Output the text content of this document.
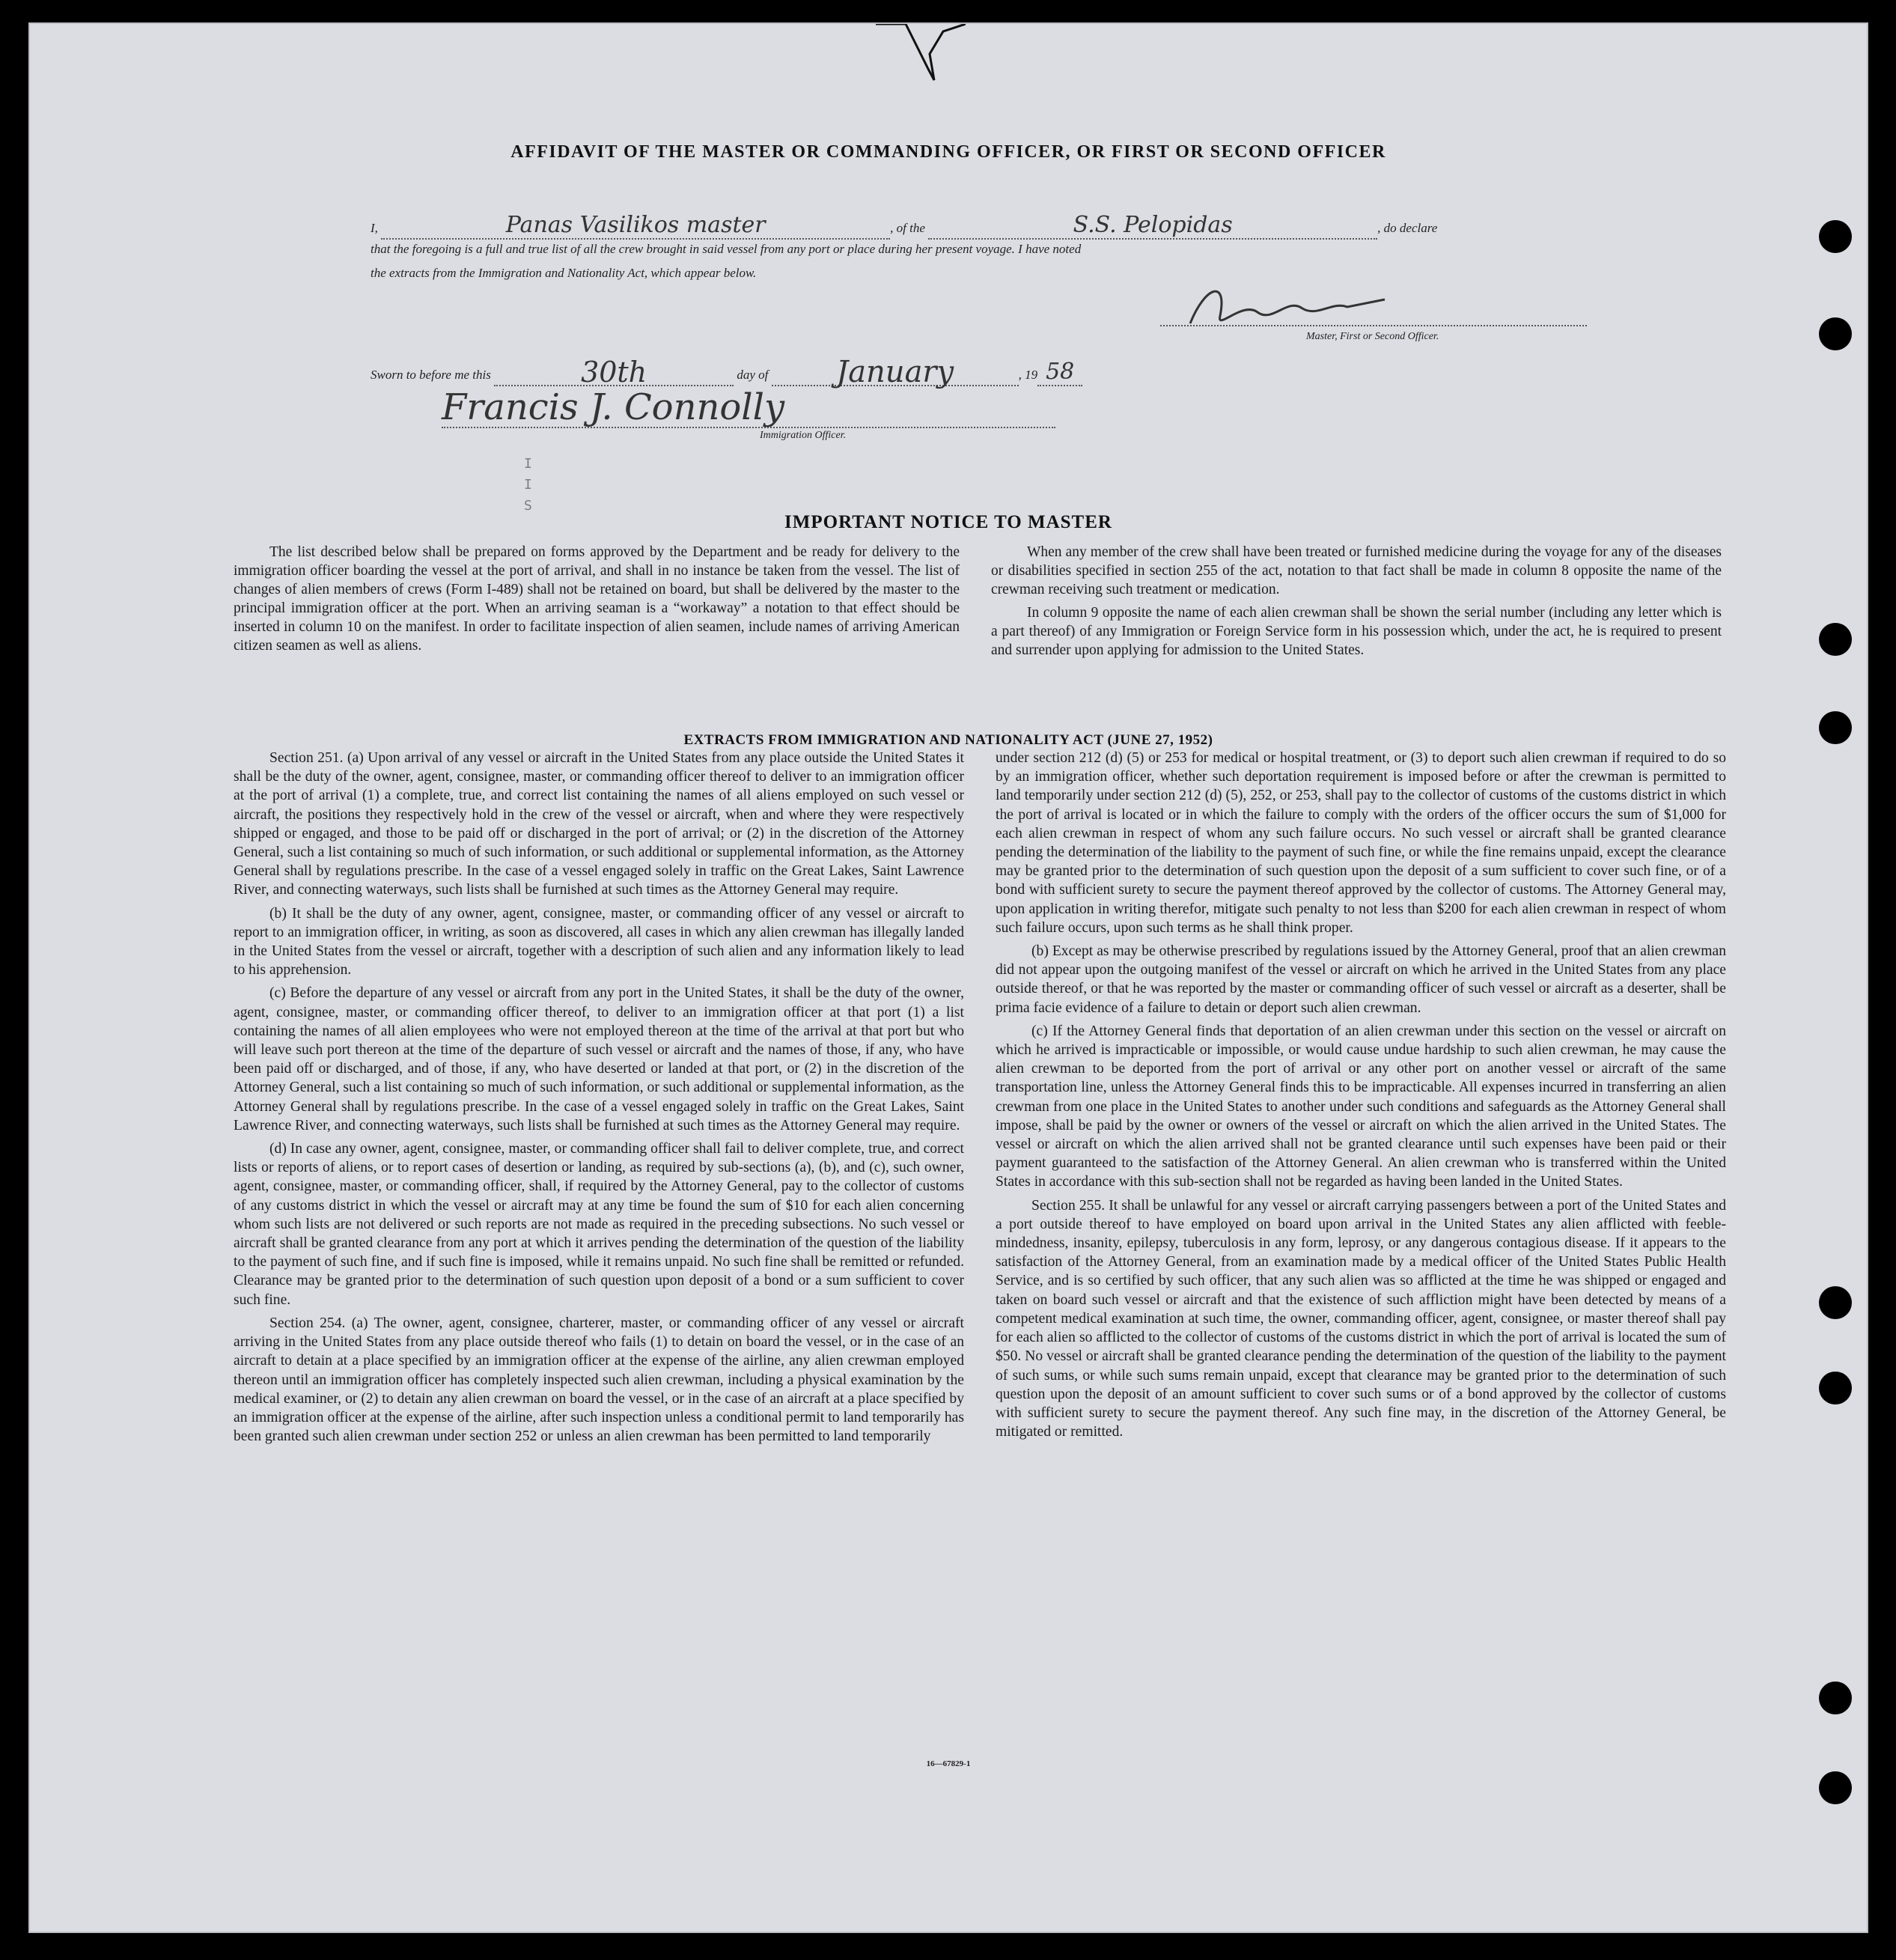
AFFIDAVIT OF THE MASTER OR COMMANDING OFFICER, OR FIRST OR SECOND OFFICER
I,	Panas Vasilikos master	, of the	S.S. Pelopidas	, do declare
that the foregoing is a full and true list of all the crew brought in said vessel from any port or place during her present voyage. I have noted
the extracts from the Immigration and Nationality Act, which appear below.
Master, First or Second Officer.
Sworn to before me this	30th	day of January	, 19 58
Francis J. Connolly
Immigration Officer.
I
I
S
IMPORTANT NOTICE TO MASTER

The list described below shall be prepared on forms approved by the Department and be ready for delivery to the immigration officer boarding the vessel at the port of arrival, and shall in no instance be taken from the vessel. The list of changes of alien members of crews (Form I-489) shall not be retained on board, but shall be delivered by the master to the principal immigration officer at the port. When an arriving seaman is a “workaway” a notation to that effect should be inserted in column 10 on the manifest. In order to facilitate inspection of alien seamen, include names of arriving American citizen seamen as well as aliens.

When any member of the crew shall have been treated or furnished medicine during the voyage for any of the diseases or disabilities specified in section 255 of the act, notation to that fact shall be made in column 8 opposite the name of the crewman receiving such treatment or medication.

In column 9 opposite the name of each alien crewman shall be shown the serial number (including any letter which is a part thereof) of any Immigration or Foreign Service form in his possession which, under the act, he is required to present and surrender upon applying for admission to the United States.

EXTRACTS FROM IMMIGRATION AND NATIONALITY ACT (JUNE 27, 1952)

Section 251. (a) Upon arrival of any vessel or aircraft in the United States from any place outside the United States it shall be the duty of the owner, agent, consignee, master, or commanding officer thereof to deliver to an immigration officer at the port of arrival (1) a complete, true, and correct list containing the names of all aliens employed on such vessel or aircraft, the positions they respectively hold in the crew of the vessel or aircraft, when and where they were respectively shipped or engaged, and those to be paid off or discharged in the port of arrival; or (2) in the discretion of the Attorney General, such a list containing so much of such information, or such additional or supplemental information, as the Attorney General shall by regulations prescribe. In the case of a vessel engaged solely in traffic on the Great Lakes, Saint Lawrence River, and connecting waterways, such lists shall be furnished at such times as the Attorney General may require.

(b) It shall be the duty of any owner, agent, consignee, master, or commanding officer of any vessel or aircraft to report to an immigration officer, in writing, as soon as discovered, all cases in which any alien crewman has illegally landed in the United States from the vessel or aircraft, together with a description of such alien and any information likely to lead to his apprehension.

(c) Before the departure of any vessel or aircraft from any port in the United States, it shall be the duty of the owner, agent, consignee, master, or commanding officer thereof, to deliver to an immigration officer at that port (1) a list containing the names of all alien employees who were not employed thereon at the time of the arrival at that port but who will leave such port thereon at the time of the departure of such vessel or aircraft and the names of those, if any, who have been paid off or discharged, and of those, if any, who have deserted or landed at that port, or (2) in the discretion of the Attorney General, such a list containing so much of such information, or such additional or supplemental information, as the Attorney General shall by regulations prescribe. In the case of a vessel engaged solely in traffic on the Great Lakes, Saint Lawrence River, and connecting waterways, such lists shall be furnished at such times as the Attorney General may require.

(d) In case any owner, agent, consignee, master, or commanding officer shall fail to deliver complete, true, and correct lists or reports of aliens, or to report cases of desertion or landing, as required by sub-sections (a), (b), and (c), such owner, agent, consignee, master, or commanding officer, shall, if required by the Attorney General, pay to the collector of customs of any customs district in which the vessel or aircraft may at any time be found the sum of $10 for each alien concerning whom such lists are not delivered or such reports are not made as required in the preceding subsections. No such vessel or aircraft shall be granted clearance from any port at which it arrives pending the determination of the question of the liability to the payment of such fine, and if such fine is imposed, while it remains unpaid. No such fine shall be remitted or refunded. Clearance may be granted prior to the determination of such question upon deposit of a bond or a sum sufficient to cover such fine.

Section 254. (a) The owner, agent, consignee, charterer, master, or commanding officer of any vessel or aircraft arriving in the United States from any place outside thereof who fails (1) to detain on board the vessel, or in the case of an aircraft to detain at a place specified by an immigration officer at the expense of the airline, any alien crewman employed thereon until an immigration officer has completely inspected such alien crewman, including a physical examination by the medical examiner, or (2) to detain any alien crewman on board the vessel, or in the case of an aircraft at a place specified by an immigration officer at the expense of the airline, after such inspection unless a conditional permit to land temporarily has been granted such alien crewman under section 252 or unless an alien crewman has been permitted to land temporarily

under section 212 (d) (5) or 253 for medical or hospital treatment, or (3) to deport such alien crewman if required to do so by an immigration officer, whether such deportation requirement is imposed before or after the crewman is permitted to land temporarily under section 212 (d) (5), 252, or 253, shall pay to the collector of customs of the customs district in which the port of arrival is located or in which the failure to comply with the orders of the officer occurs the sum of $1,000 for each alien crewman in respect of whom any such failure occurs. No such vessel or aircraft shall be granted clearance pending the determination of the liability to the payment of such fine, or while the fine remains unpaid, except the clearance may be granted prior to the determination of such question upon the deposit of a sum sufficient to cover such fine, or of a bond with sufficient surety to secure the payment thereof approved by the collector of customs. The Attorney General may, upon application in writing therefor, mitigate such penalty to not less than $200 for each alien crewman in respect of whom such failure occurs, upon such terms as he shall think proper.

(b) Except as may be otherwise prescribed by regulations issued by the Attorney General, proof that an alien crewman did not appear upon the outgoing manifest of the vessel or aircraft on which he arrived in the United States from any place outside thereof, or that he was reported by the master or commanding officer of such vessel or aircraft as a deserter, shall be prima facie evidence of a failure to detain or deport such alien crewman.

(c) If the Attorney General finds that deportation of an alien crewman under this section on the vessel or aircraft on which he arrived is impracticable or impossible, or would cause undue hardship to such alien crewman, he may cause the alien crewman to be deported from the port of arrival or any other port on another vessel or aircraft of the same transportation line, unless the Attorney General finds this to be impracticable. All expenses incurred in transferring an alien crewman from one place in the United States to another under such conditions and safeguards as the Attorney General shall impose, shall be paid by the owner or owners of the vessel or aircraft on which the alien arrived in the United States. The vessel or aircraft on which the alien arrived shall not be granted clearance until such expenses have been paid or their payment guaranteed to the satisfaction of the Attorney General. An alien crewman who is transferred within the United States in accordance with this sub-section shall not be regarded as having been landed in the United States.

Section 255. It shall be unlawful for any vessel or aircraft carrying passengers between a port of the United States and a port outside thereof to have employed on board upon arrival in the United States any alien afflicted with feeble-mindedness, insanity, epilepsy, tuberculosis in any form, leprosy, or any dangerous contagious disease. If it appears to the satisfaction of the Attorney General, from an examination made by a medical officer of the United States Public Health Service, and is so certified by such officer, that any such alien was so afflicted at the time he was shipped or engaged and taken on board such vessel or aircraft and that the existence of such affliction might have been detected by means of a competent medical examination at such time, the owner, commanding officer, agent, consignee, or master thereof shall pay for each alien so afflicted to the collector of customs of the customs district in which the port of arrival is located the sum of $50. No vessel or aircraft shall be granted clearance pending the determination of the question of the liability to the payment of such sums, or while such sums remain unpaid, except that clearance may be granted prior to the determination of such question upon the deposit of an amount sufficient to cover such sums or of a bond approved by the collector of customs with sufficient surety to secure the payment thereof. Any such fine may, in the discretion of the Attorney General, be mitigated or remitted.

16—67829-1
